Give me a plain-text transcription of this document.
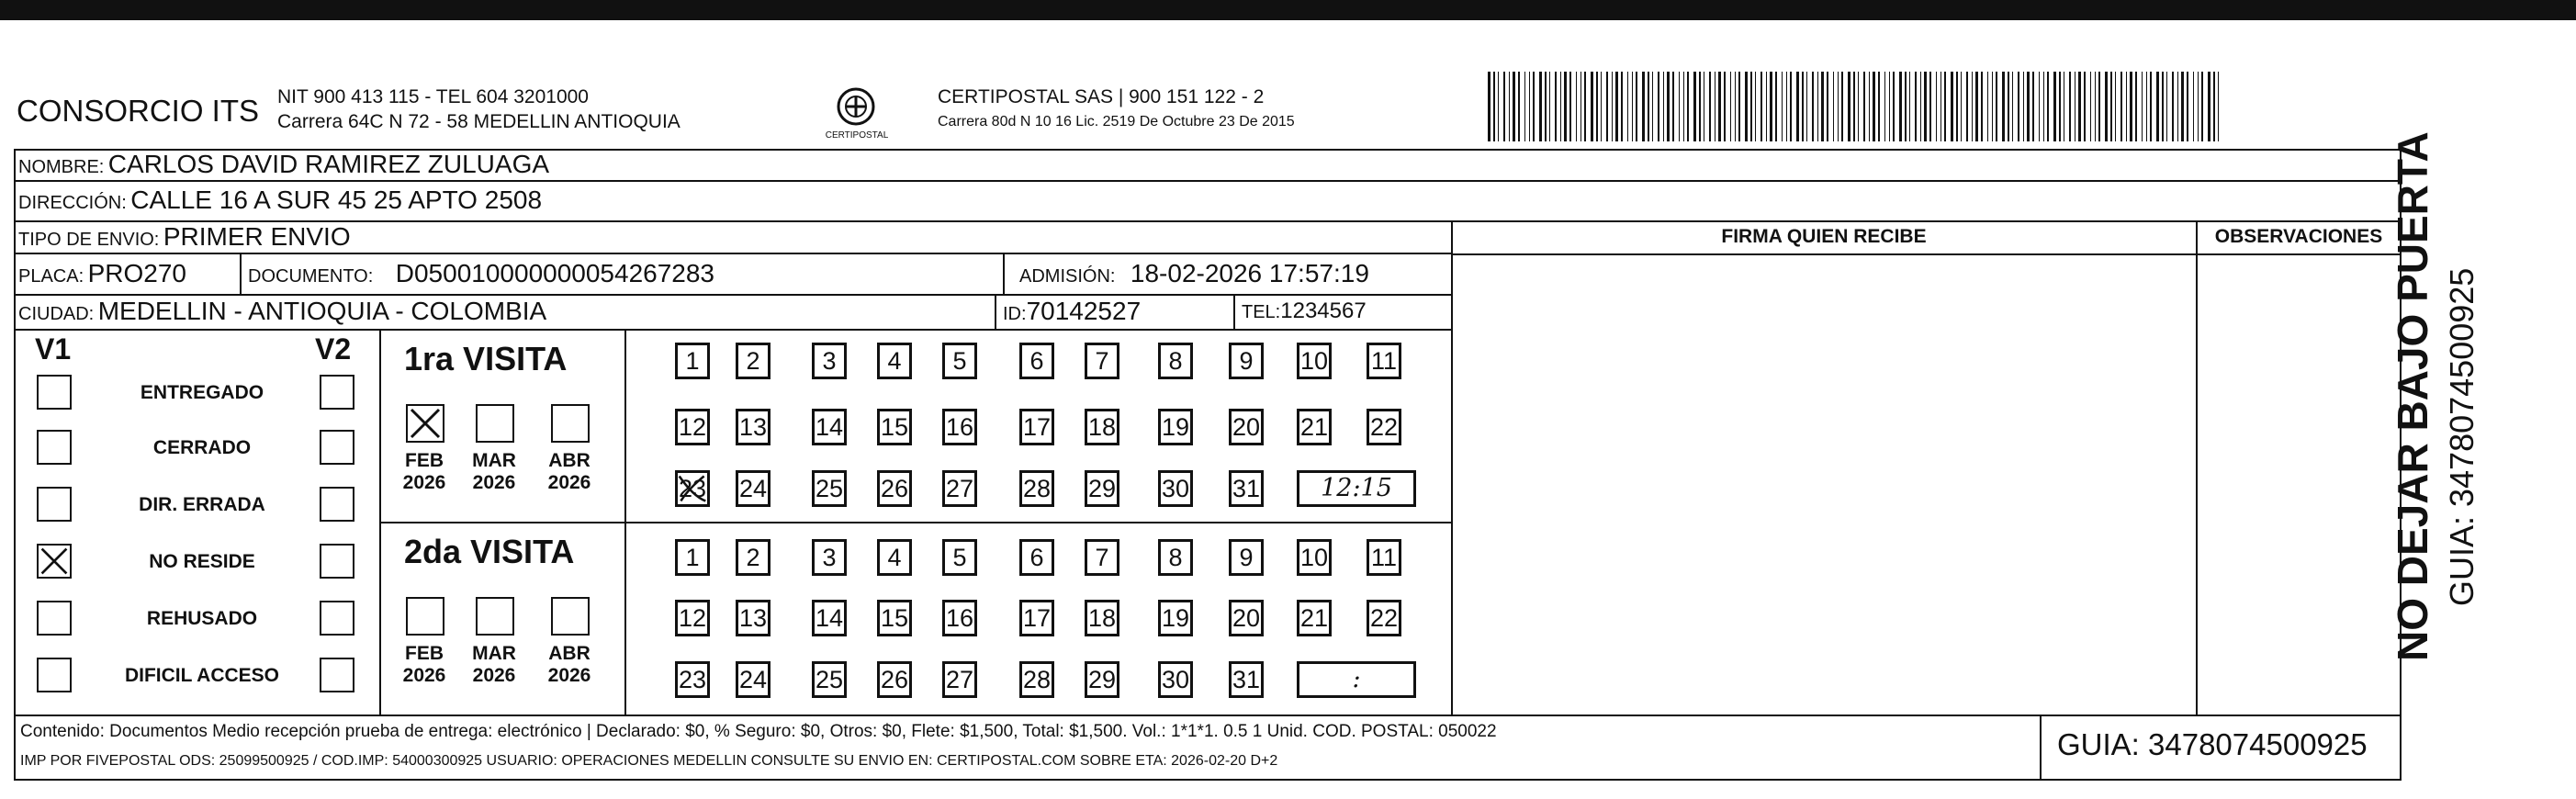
CONSORCIO ITS NIT 900 413 115 - TEL 604 3201000
Carrera 64C N 72 - 58 MEDELLIN ANTIOQUIA
CERTIPOSTAL
CERTIPOSTAL SAS | 900 151 122 - 2
Carrera 80d N 10 16 Lic. 2519 De Octubre 23 De 2015
NOMBRE: CARLOS DAVID RAMIREZ ZULUAGA
DIRECCIÓN: CALLE 16 A SUR 45 25 APTO 2508
TIPO DE ENVIO: PRIMER ENVIO
PLACA: PRO270	DOCUMENTO: D050010000000054267283	ADMISIÓN: 18-02-2026 17:57:19
CIUDAD: MEDELLIN - ANTIOQUIA - COLOMBIA	ID:70142527	TEL:1234567
FIRMA QUIEN RECIBE	OBSERVACIONES
V1	V2
ENTREGADO
CERRADO
DIR. ERRADA
NO RESIDE
REHUSADO
DIFICIL ACCESO
1ra VISITA
2da VISITA
FEB
2026
MAR
2026
ABR
2026
FEB
2026
MAR
2026
ABR
2026
1	2	3	4	5	6	7	8	9	10 11
12 13 14 15 16 17 18 19 20 21 22
23 24 25 26 27 28 29 30 31	12:15
1	2	3	4	5	6	7	8	9	10 11
12 13 14 15 16 17 18 19 20 21 22
23 24 25 26 27 28 29 30 31	:
Contenido: Documentos Medio recepción prueba de entrega: electrónico | Declarado: $0, % Seguro: $0, Otros: $0, Flete: $1,500, Total: $1,500. Vol.: 1*1*1. 0.5 1 Unid. COD. POSTAL: 050022
IMP POR FIVEPOSTAL ODS: 25099500925 / COD.IMP: 54000300925 USUARIO: OPERACIONES MEDELLIN CONSULTE SU ENVIO EN: CERTIPOSTAL.COM SOBRE ETA: 2026-02-20 D+2	GUIA: 3478074500925
NO DEJAR BAJO PUERTA GUIA: 3478074500925
